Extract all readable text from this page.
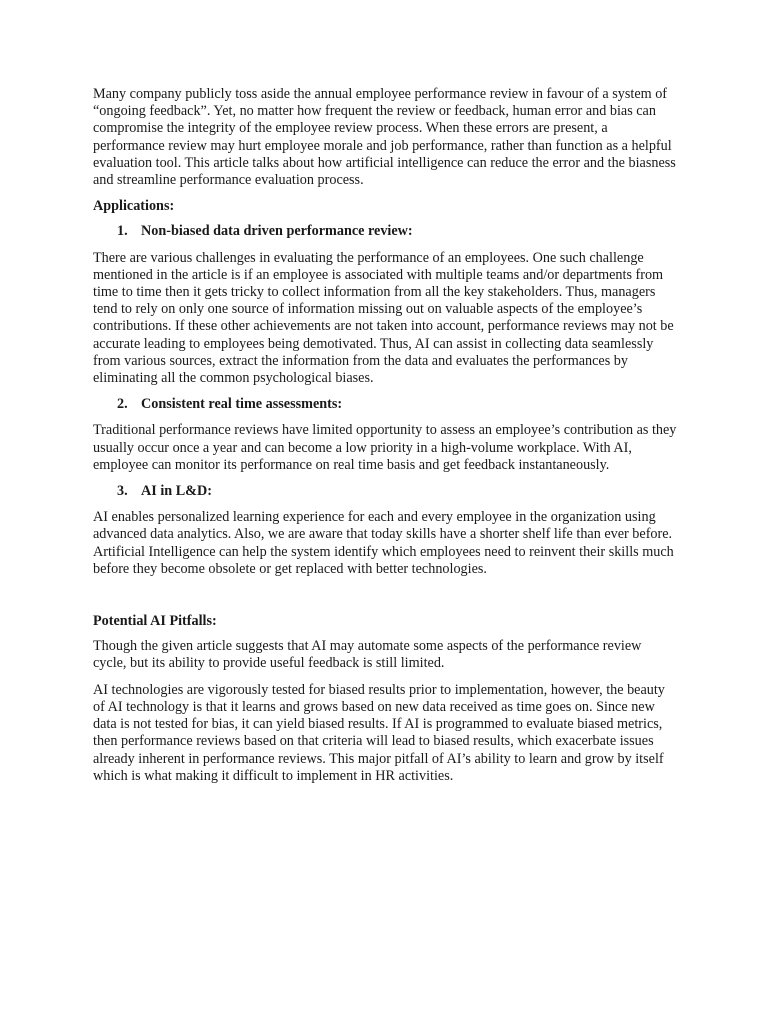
Many company publicly toss aside the annual employee performance review in favour of a system of “ongoing feedback”. Yet, no matter how frequent the review or feedback, human error and bias can compromise the integrity of the employee review process. When these errors are present, a performance review may hurt employee morale and job performance, rather than function as a helpful evaluation tool. This article talks about how artificial intelligence can reduce the error and the biasness and streamline performance evaluation process.

Applications:

1. Non-biased data driven performance review:

There are various challenges in evaluating the performance of an employees. One such challenge mentioned in the article is if an employee is associated with multiple teams and/or departments from time to time then it gets tricky to collect information from all the key stakeholders. Thus, managers tend to rely on only one source of information missing out on valuable aspects of the employee’s contributions. If these other achievements are not taken into account, performance reviews may not be accurate leading to employees being demotivated. Thus, AI can assist in collecting data seamlessly from various sources, extract the information from the data and evaluates the performances by eliminating all the common psychological biases.

2. Consistent real time assessments:

Traditional performance reviews have limited opportunity to assess an employee’s contribution as they usually occur once a year and can become a low priority in a high-volume workplace. With AI, employee can monitor its performance on real time basis and get feedback instantaneously.

3. AI in L&D:

AI enables personalized learning experience for each and every employee in the organization using advanced data analytics. Also, we are aware that today skills have a shorter shelf life than ever before. Artificial Intelligence can help the system identify which employees need to reinvent their skills much before they become obsolete or get replaced with better technologies.

Potential AI Pitfalls:

Though the given article suggests that AI may automate some aspects of the performance review cycle, but its ability to provide useful feedback is still limited.

AI technologies are vigorously tested for biased results prior to implementation, however, the beauty of AI technology is that it learns and grows based on new data received as time goes on. Since new data is not tested for bias, it can yield biased results. If AI is programmed to evaluate biased metrics, then performance reviews based on that criteria will lead to biased results, which exacerbate issues already inherent in performance reviews. This major pitfall of AI’s ability to learn and grow by itself which is what making it difficult to implement in HR activities.
